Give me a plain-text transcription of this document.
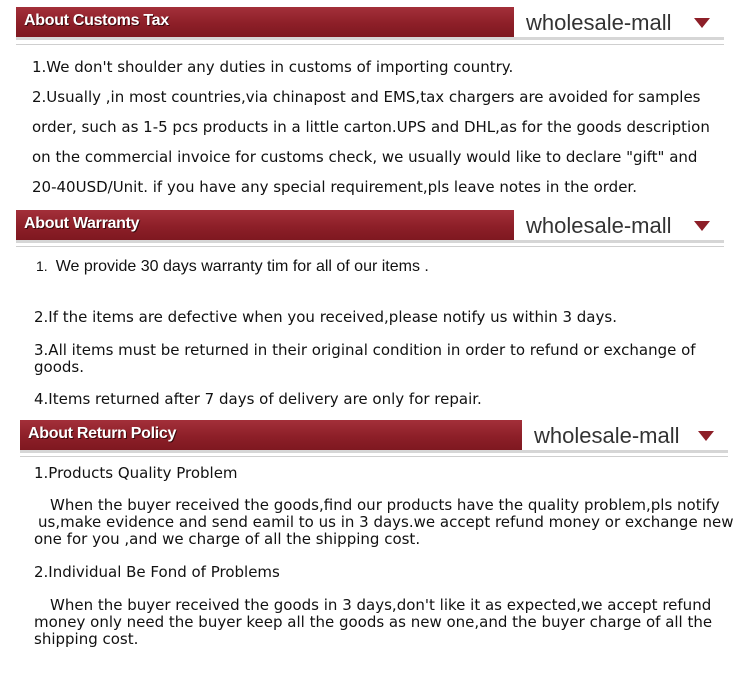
About Customs Tax	wholesale-mall
1.We don't shoulder any duties in customs of importing country.
2.Usually ,in most countries,via chinapost and EMS,tax chargers are avoided for samples
order, such as 1-5 pcs products in a little carton.UPS and DHL,as for the goods description
on the commercial invoice for customs check, we usually would like to declare "gift" and
20-40USD/Unit. if you have any special requirement,pls leave notes in the order.
About Warranty	wholesale-mall
1. We provide 30 days warranty tim for all of our items .
2.If the items are defective when you received,please notify us within 3 days.
3.All items must be returned in their original condition in order to refund or exchange of goods.
4.Items returned after 7 days of delivery are only for repair.
About Return Policy	wholesale-mall
1.Products Quality Problem
When the buyer received the goods,find our products have the quality problem,pls notify
us,make evidence and send eamil to us in 3 days.we accept refund money or exchange new
one for you ,and we charge of all the shipping cost.
2.Individual Be Fond of Problems
When the buyer received the goods in 3 days,don't like it as expected,we accept refund
money only need the buyer keep all the goods as new one,and the buyer charge of all the
shipping cost.
